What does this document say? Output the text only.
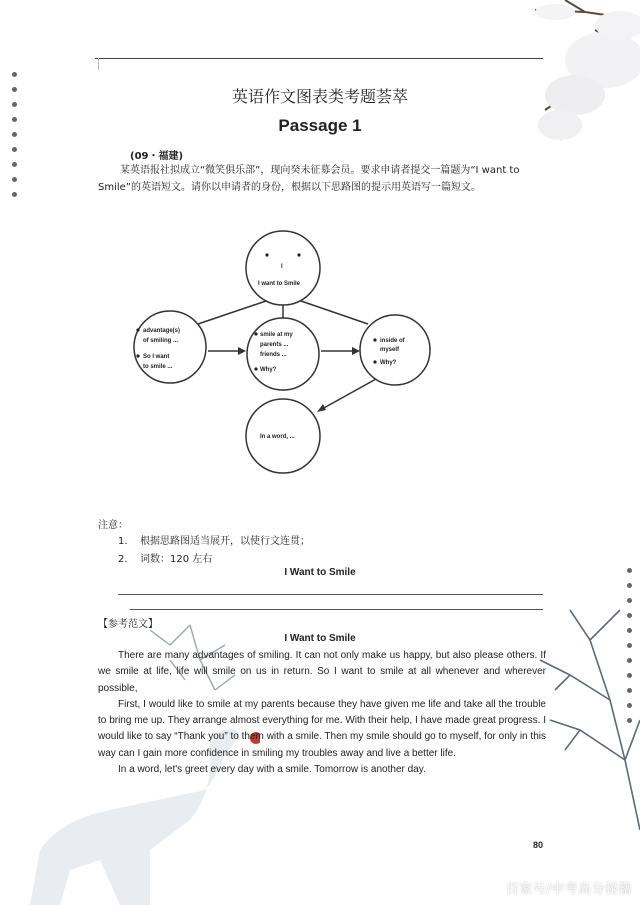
英语作文图表类考题荟萃
Passage 1
(09・福建)
某英语报社拟成立“微笑俱乐部”，现向癸未征募会员。要求申请者提交一篇题为“I want to Smile”的英语短文。请你以申请者的身份，根据以下思路图的提示用英语写一篇短文。
I
I want to Smile
advantage(s)
of smiling ...
So I want
to smile ...
smile at my
parents ...
friends ...
Why?
inside of
myself
Why?
In a word, ...
注意：
1. 根据思路图适当展开，以使行文连贯；
2. 词数：120 左右
I Want to Smile
【参考范文】
I Want to Smile

There are many advantages of smiling. It can not only make us happy, but also please others. If we smile at life, life will smile on us in return. So I want to smile at all whenever and wherever possible,

First, I would like to smile at my parents because they have given me life and take all the trouble to bring me up. They arrange almost everything for me. With their help, I have made great progress. I would like to say “Thank you” to them with a smile. Then my smile should go to myself, for only in this way can I gain more confidence in smiling my troubles away and live a better life.

In a word, let's greet every day with a smile. Tomorrow is another day.

80
百家号/中考高分秘籍
